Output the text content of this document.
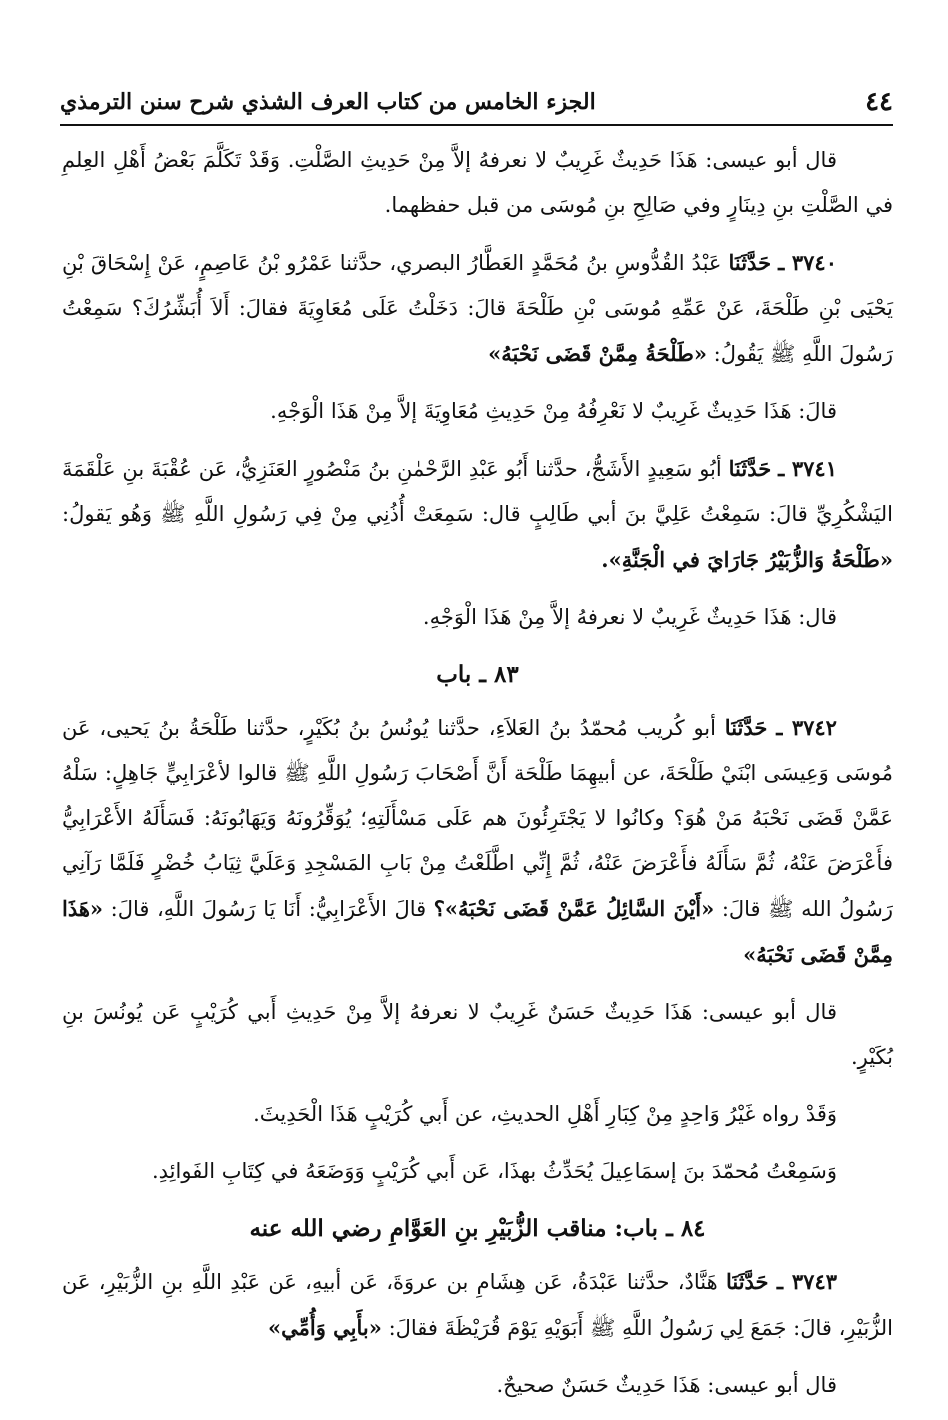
٤٤
الجزء الخامس من كتاب العرف الشذي شرح سنن الترمذي

قال أبو عيسى: هَذَا حَدِيثٌ غَرِيبٌ لا نعرفهُ إلاَّ مِنْ حَدِيثِ الصَّلْتِ. وَقَدْ تَكَلَّمَ بَعْضُ أَهْلِ العِلمِ في الصَّلْتِ بنِ دِينَارٍ وفي صَالِحِ بنِ مُوسَى من قبل حفظهما.

٣٧٤٠ ـ حَدَّثَنَا عَبْدُ القُدُّوسِ بنُ مُحَمَّدٍ العَطَّارُ البصري، حدَّثنا عَمْرُو بْنُ عَاصِمٍ، عَنْ إِسْحَاقَ بْنِ يَحْيَى بْنِ طَلْحَةَ، عَنْ عَمِّهِ مُوسَى بْنِ طَلْحَةَ قالَ: دَخَلْتُ عَلَى مُعَاوِيَةَ فقالَ: أَلاَ أُبَشِّرُكَ؟ سَمِعْتُ رَسُولَ اللَّهِ ﷺ يَقُولُ: «طَلْحَةُ مِمَّنْ قَضَى نَحْبَهُ»

قالَ: هَذَا حَدِيثٌ غَرِيبٌ لا نَعْرِفُهُ مِنْ حَدِيثِ مُعَاوِيَةَ إلاَّ مِنْ هَذَا الْوَجْهِ.

٣٧٤١ ـ حَدَّثَنَا أبُو سَعِيدٍ الأَشَجُّ، حدَّثنا أَبُو عَبْدِ الرَّحْمٰنِ بنُ مَنْصُورٍ العَنَزِيُّ، عَن عُقْبَةَ بنِ عَلْقَمَةَ اليَشْكُرِيِّ قالَ: سَمِعْتُ عَلِيَّ بنَ أبي طَالِبٍ قال: سَمِعَتْ أُذُنِي مِنْ فِي رَسُولِ اللَّهِ ﷺ وَهُو يَقولُ: «طَلْحَةُ وَالزُّبَيْرُ جَارَايَ في الْجَنَّةِ».

قال: هَذَا حَدِيثٌ غَرِيبٌ لا نعرفهُ إلاَّ مِنْ هَذَا الْوَجْهِ.

٨٣ ـ باب

٣٧٤٢ ـ حَدَّثَنَا أبو كُريب مُحمّدُ بنُ العَلاَءِ، حدَّثنا يُونُسُ بنُ بُكَيْرٍ، حدَّثنا طَلْحَةُ بنُ يَحيى، عَن مُوسَى وَعِيسَى ابْنَيْ طَلْحَةَ، عن أبيهِمَا طَلْحَة أَنَّ أَصْحَابَ رَسُولِ اللَّهِ ﷺ قالوا لأعْرَابِيٍّ جَاهِلٍ: سَلْهُ عَمَّنْ قَضَى نَحْبَهُ مَنْ هُوَ؟ وكانُوا لا يَجْتَرِئُونَ هم عَلَى مَسْأَلَتِهِ؛ يُوَقِّرُونَهُ وَيَهَابُونَهُ: فَسَأَلَهُ الأَعْرَابِيُّ فأَعْرَضَ عَنْهُ، ثُمَّ سَأَلَهُ فأَعْرَضَ عَنْهُ، ثُمَّ إِنِّي اطَّلَعْتُ مِنْ بَابِ المَسْجِدِ وَعَلَيَّ ثِيَابُ خُضْرٍ فَلَمَّا رَآنِي رَسُولُ الله ﷺ قالَ: «أَيْنَ السَّائِلُ عَمَّنْ قَضَى نَحْبَهُ»؟ قالَ الأَعْرَابِيُّ: أَنَا يَا رَسُولَ اللَّهِ، قالَ: «هَذَا مِمَّنْ قَضَى نَحْبَهُ»

قال أبو عيسى: هَذَا حَدِيثٌ حَسَنٌ غَرِيبٌ لا نعرفهُ إلاَّ مِنْ حَدِيثِ أَبي كُرَيْبٍ عَن يُونُسَ بنِ بُكَيْرٍ.

وَقَدْ رواه غَيْرُ وَاحِدٍ مِنْ كِبَارِ أَهْلِ الحديثِ، عن أَبي كُرَيْبٍ هَذَا الْحَدِيثَ.

وَسَمِعْتُ مُحمّدَ بنَ إسمَاعِيلَ يُحَدِّثُ بهذَا، عَن أَبي كُرَيْبٍ وَوَضَعَهُ في كِتَابِ الفَوائِدِ.

٨٤ ـ باب: مناقب الزُّبَيْرِ بنِ العَوَّامِ رضي الله عنه

٣٧٤٣ ـ حَدَّثَنَا هَنَّادٌ، حدَّثنا عَبْدَةُ، عَن هِشَامِ بن عروَةَ، عَن أبيهِ، عَن عَبْدِ اللَّهِ بنِ الزُّبَيْرِ، عَن الزُّبَيْرِ، قالَ: جَمَعَ لِي رَسُولُ اللَّهِ ﷺ أَبَوَيْهِ يَوْمَ قُرَيْظَةَ فقالَ: «بأَبِي وَأُمِّي»

قال أبو عيسى: هَذَا حَدِيثٌ حَسَنٌ صحيحٌ.
